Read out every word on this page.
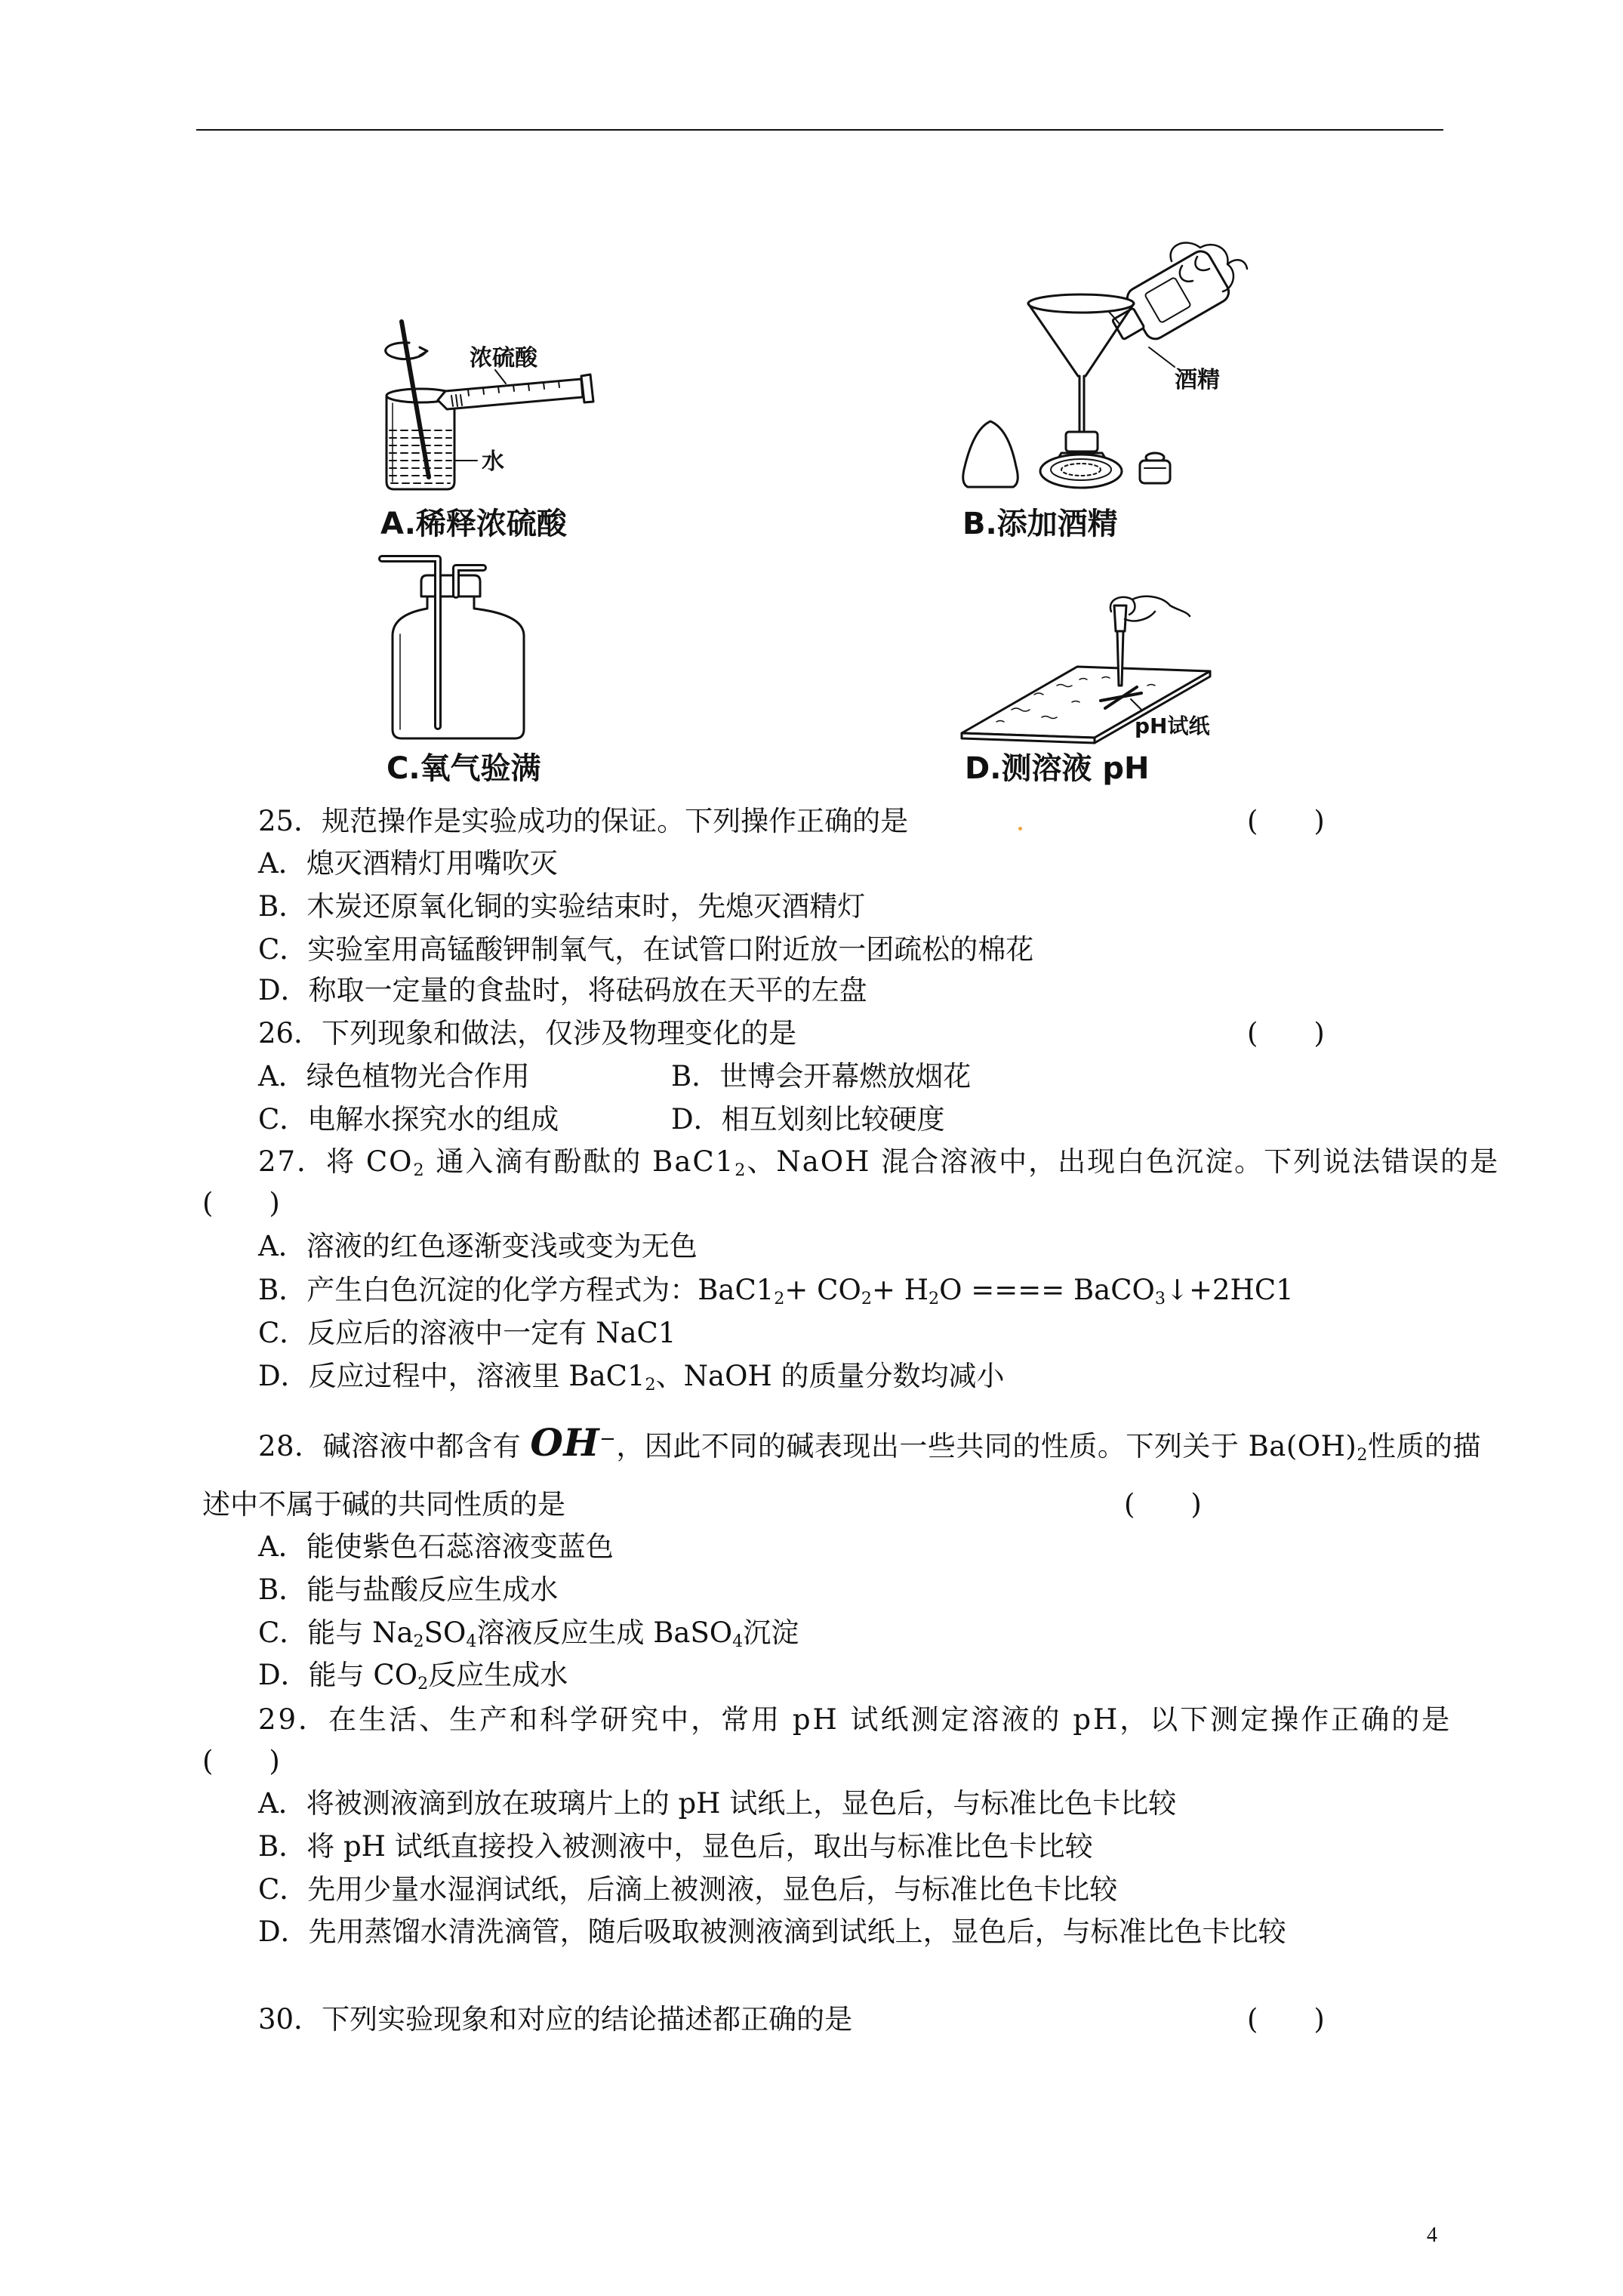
浓硫酸
水
A.稀释浓硫酸
酒精
B.添加酒精
C.氧气验满
pH试纸
D.测溶液 pH
25．规范操作是实验成功的保证。下列操作正确的是	(　　)
A．熄灭酒精灯用嘴吹灭
B．木炭还原氧化铜的实验结束时，先熄灭酒精灯
C．实验室用高锰酸钾制氧气，在试管口附近放一团疏松的棉花
D．称取一定量的食盐时，将砝码放在天平的左盘
26．下列现象和做法，仅涉及物理变化的是	(　　)
A．绿色植物光合作用	B．世博会开幕燃放烟花
C．电解水探究水的组成	D．相互划刻比较硬度
27．将 $CO_2$ 通入滴有酚酞的 $BaC1_2$、NaOH 混合溶液中，出现白色沉淀。下列说法错误的是
(　　)
A．溶液的红色逐渐变浅或变为无色
B．产生白色沉淀的化学方程式为：$BaC1_2+ CO_2+ H_2O$ ==== BaCO$_3$↓+2HC1
C．反应后的溶液中一定有 NaC1
D．反应过程中，溶液里 $BaC1_2$、NaOH 的质量分数均减小
28．碱溶液中都含有 OH−，因此不同的碱表现出一些共同的性质。下列关于 $Ba(OH)_2$性质的描
述中不属于碱的共同性质的是	(　　)
A．能使紫色石蕊溶液变蓝色
B．能与盐酸反应生成水
C．能与 $Na_2SO_4$溶液反应生成 BaSO$_4$沉淀
D．能与 $CO_2$反应生成水
29．在生活、生产和科学研究中，常用 pH 试纸测定溶液的 pH，以下测定操作正确的是
(　　)
A．将被测液滴到放在玻璃片上的 pH 试纸上，显色后，与标准比色卡比较
B．将 pH 试纸直接投入被测液中，显色后，取出与标准比色卡比较
C．先用少量水湿润试纸，后滴上被测液，显色后，与标准比色卡比较
D．先用蒸馏水清洗滴管，随后吸取被测液滴到试纸上，显色后，与标准比色卡比较
30．下列实验现象和对应的结论描述都正确的是	(　　)
4
